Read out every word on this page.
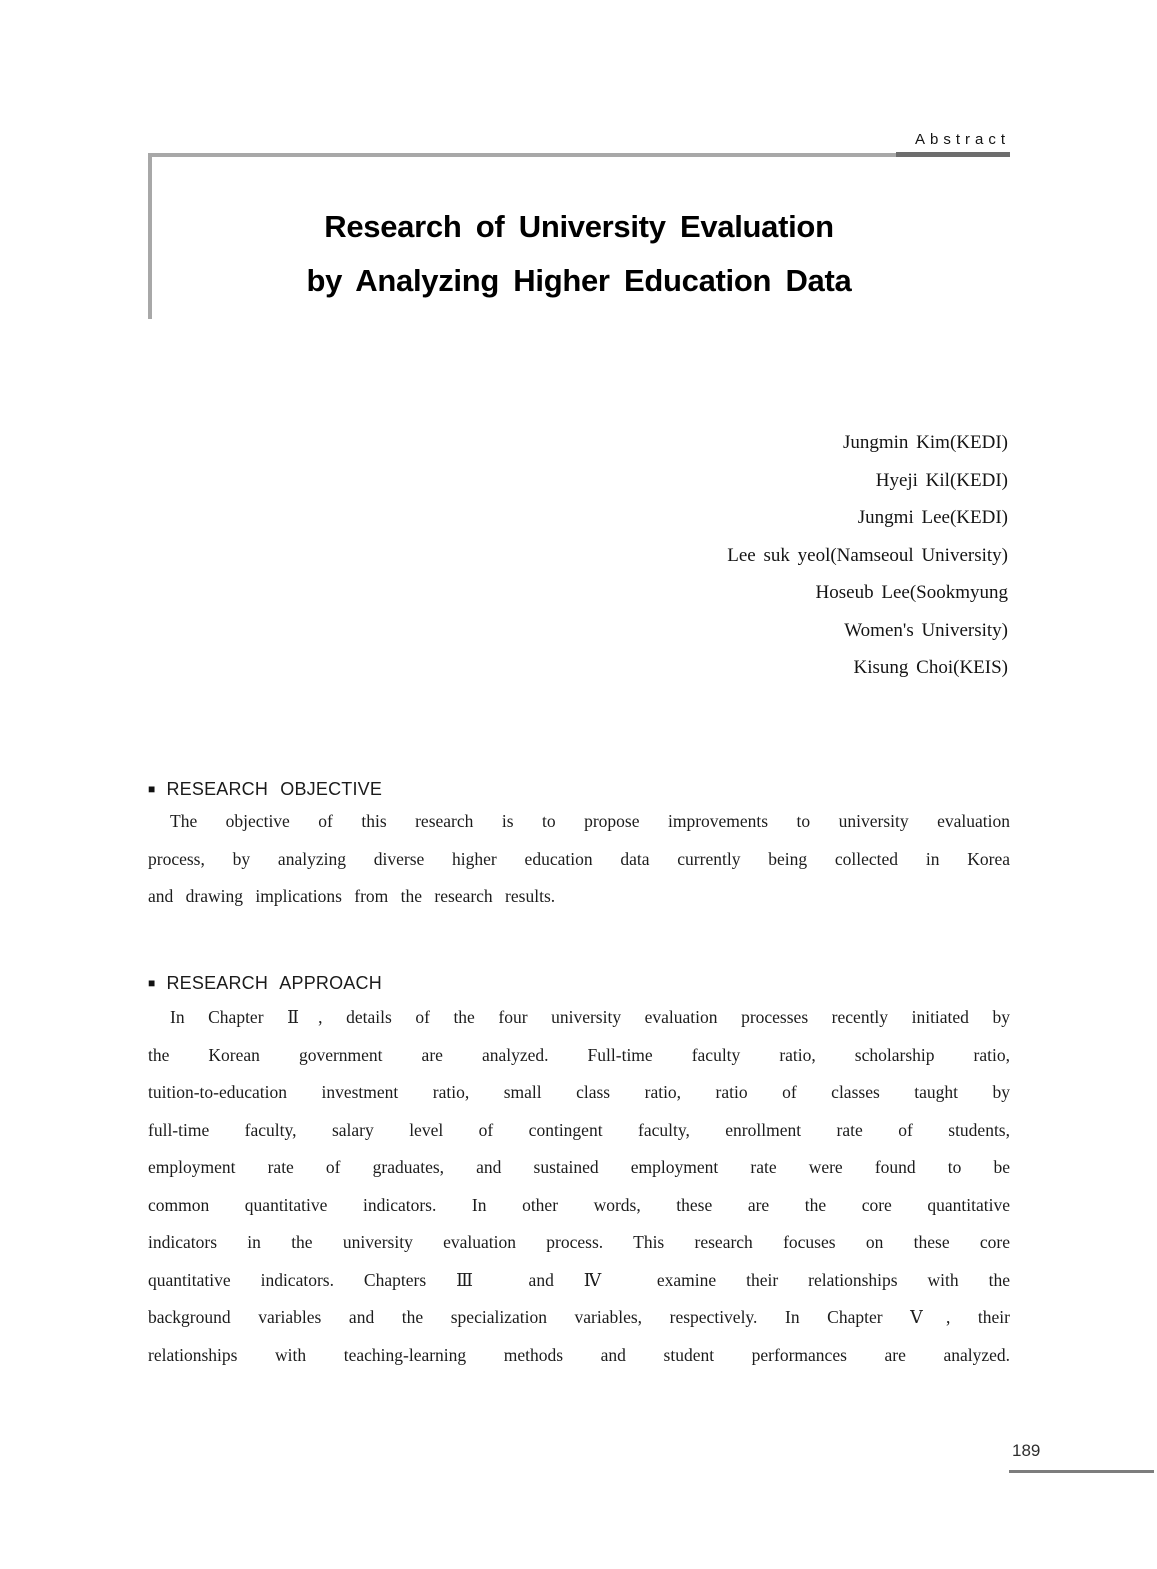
Abstract
Research of University Evaluation
by Analyzing Higher Education Data
Jungmin Kim(KEDI)
Hyeji Kil(KEDI)
Jungmi Lee(KEDI)
Lee suk yeol(Namseoul University)
Hoseub Lee(Sookmyung
Women's University)
Kisung Choi(KEIS)
■ RESEARCH OBJECTIVE
The objective of this research is to propose improvements to university evaluation
process, by analyzing diverse higher education data currently being collected in Korea
and drawing implications from the research results.
■ RESEARCH APPROACH
In Chapter Ⅱ, details of the four university evaluation processes recently initiated by
the Korean government are analyzed. Full-time faculty ratio, scholarship ratio,
tuition-to-education investment ratio, small class ratio, ratio of classes taught by
full-time faculty, salary level of contingent faculty, enrollment rate of students,
employment rate of graduates, and sustained employment rate were found to be
common quantitative indicators. In other words, these are the core quantitative
indicators in the university evaluation process. This research focuses on these core
quantitative indicators. Chapters Ⅲ and Ⅳ examine their relationships with the
background variables and the specialization variables, respectively. In Chapter Ⅴ, their
relationships with teaching-learning methods and student performances are analyzed.
189
